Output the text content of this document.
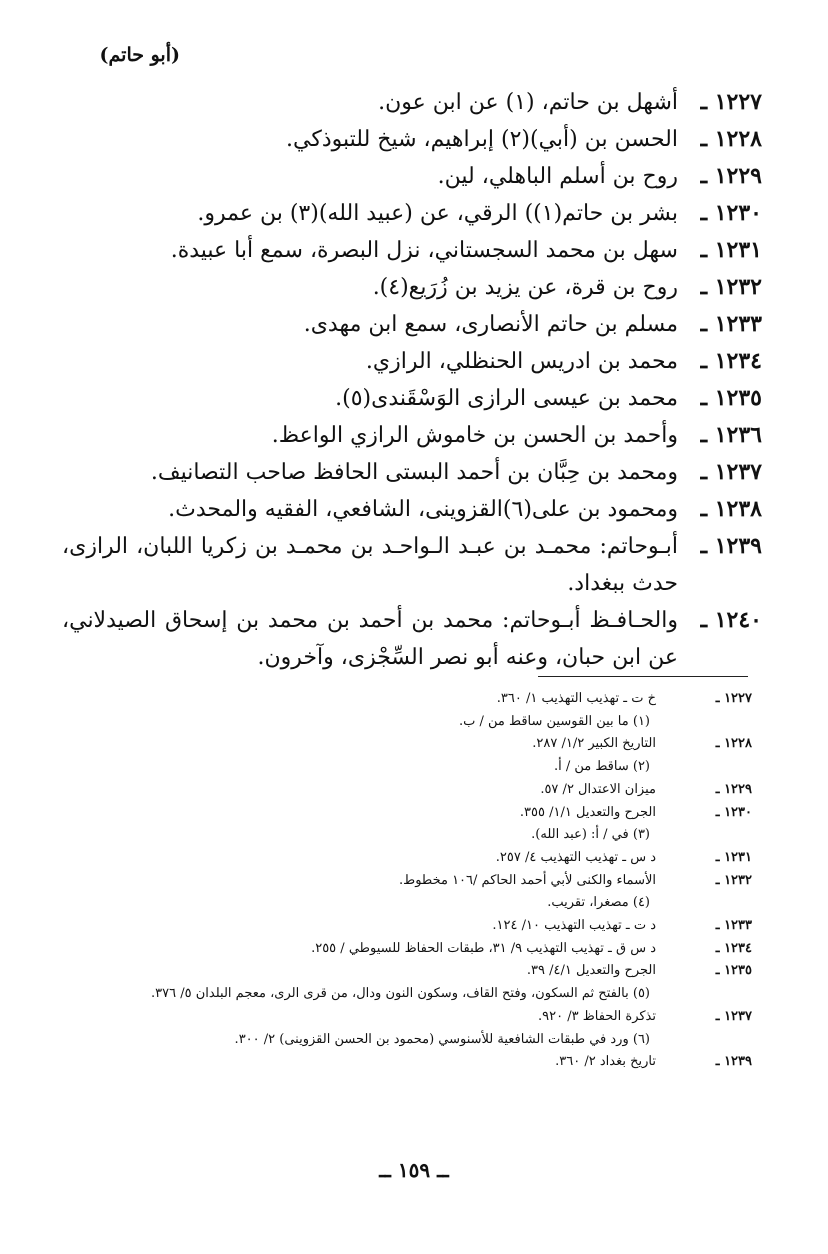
(أبو حاتم)
١٢٢٧ ـ
أشهل بن حاتم، (١) عن ابن عون.
١٢٢٨ ـ
الحسن بن (أبي)(٢) إبراهيم، شيخ للتبوذكي.
١٢٢٩ ـ
روح بن أسلم الباهلي، لين.
١٢٣٠ ـ
بشر بن حاتم(١)) الرقي، عن (عبيد الله)(٣) بن عمرو.
١٢٣١ ـ
سهل بن محمد السجستاني، نزل البصرة، سمع أبا عبيدة.
١٢٣٢ ـ
روح بن قرة، عن يزيد بن زُرَيع(٤).
١٢٣٣ ـ
مسلم بن حاتم الأنصارى، سمع ابن مهدى.
١٢٣٤ ـ
محمد بن ادريس الحنظلي، الرازي.
١٢٣٥ ـ
محمد بن عيسى الرازى الوَسْقَندى(٥).
١٢٣٦ ـ
وأحمد بن الحسن بن خاموش الرازي الواعظ.
١٢٣٧ ـ
ومحمد بن حِبَّان بن أحمد البستى الحافظ صاحب التصانيف.
١٢٣٨ ـ
ومحمود بن على(٦)القزوينى، الشافعي، الفقيه والمحدث.
١٢٣٩ ـ
أبـوحاتم: محمـد بن عبـد الـواحـد بن محمـد بن زكريا اللبان، الرازى، حدث ببغداد.
١٢٤٠ ـ
والحـافـظ أبـوحاتم: محمد بن أحمد بن محمد بن إسحاق الصيدلاني، عن ابن حبان، وعنه أبو نصر السِّجْزى، وآخرون.
١٢٢٧ ـ
خ ت ـ تهذيب التهذيب ١/ ٣٦٠.
(١) ما بين القوسين ساقط من / ب.
١٢٢٨ ـ
التاريخ الكبير ١/٢/ ٢٨٧.
(٢) ساقط من / أ.
١٢٢٩ ـ
ميزان الاعتدال ٢/ ٥٧.
١٢٣٠ ـ
الجرح والتعديل ١/١/ ٣٥٥.
(٣) في / أ: (عبد الله).
١٢٣١ ـ
د س ـ تهذيب التهذيب ٤/ ٢٥٧.
١٢٣٢ ـ
الأسماء والكنى لأبي أحمد الحاكم /١٠٦ مخطوط.
(٤) مصغرا، تقريب.
١٢٣٣ ـ
د ت ـ تهذيب التهذيب ١٠/ ١٢٤.
١٢٣٤ ـ
د س ق ـ تهذيب التهذيب ٩/ ٣١، طبقات الحفاظ للسيوطي / ٢٥٥.
١٢٣٥ ـ
الجرح والتعديل ٤/١/ ٣٩.
(٥) بالفتح ثم السكون، وفتح القاف، وسكون النون ودال، من قرى الرى، معجم البلدان ٥/ ٣٧٦.
١٢٣٧ ـ
تذكرة الحفاظ ٣/ ٩٢٠.
(٦) ورد في طبقات الشافعية للأسنوسي (محمود بن الحسن القزوينى) ٢/ ٣٠٠.
١٢٣٩ ـ
تاريخ بغداد ٢/ ٣٦٠.
ــ ١٥٩ ــ
